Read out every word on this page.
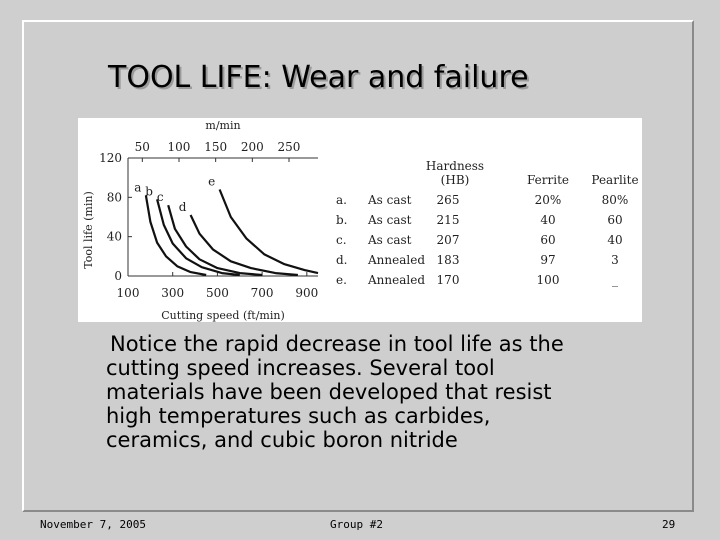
TOOL LIFE: Wear and failure
100 300 500 700 900
50 100 150 200 250
0
40
80
120
Cutting speed (ft/min)
m/min
Tool life (min)
a b c
d
e
Hardness
(HB)	Ferrite Pearlite
a. As cast 265	20%	80%
b. As cast 215	40	60
c. As cast 207	60	40
d. Annealed 183	97	3
e. Annealed 170	100	_
Notice the rapid decrease in tool life as the
cutting speed increases. Several tool
materials have been developed that resist
high temperatures such as carbides,
ceramics, and cubic boron nitride
November 7, 2005	Group #2	29
